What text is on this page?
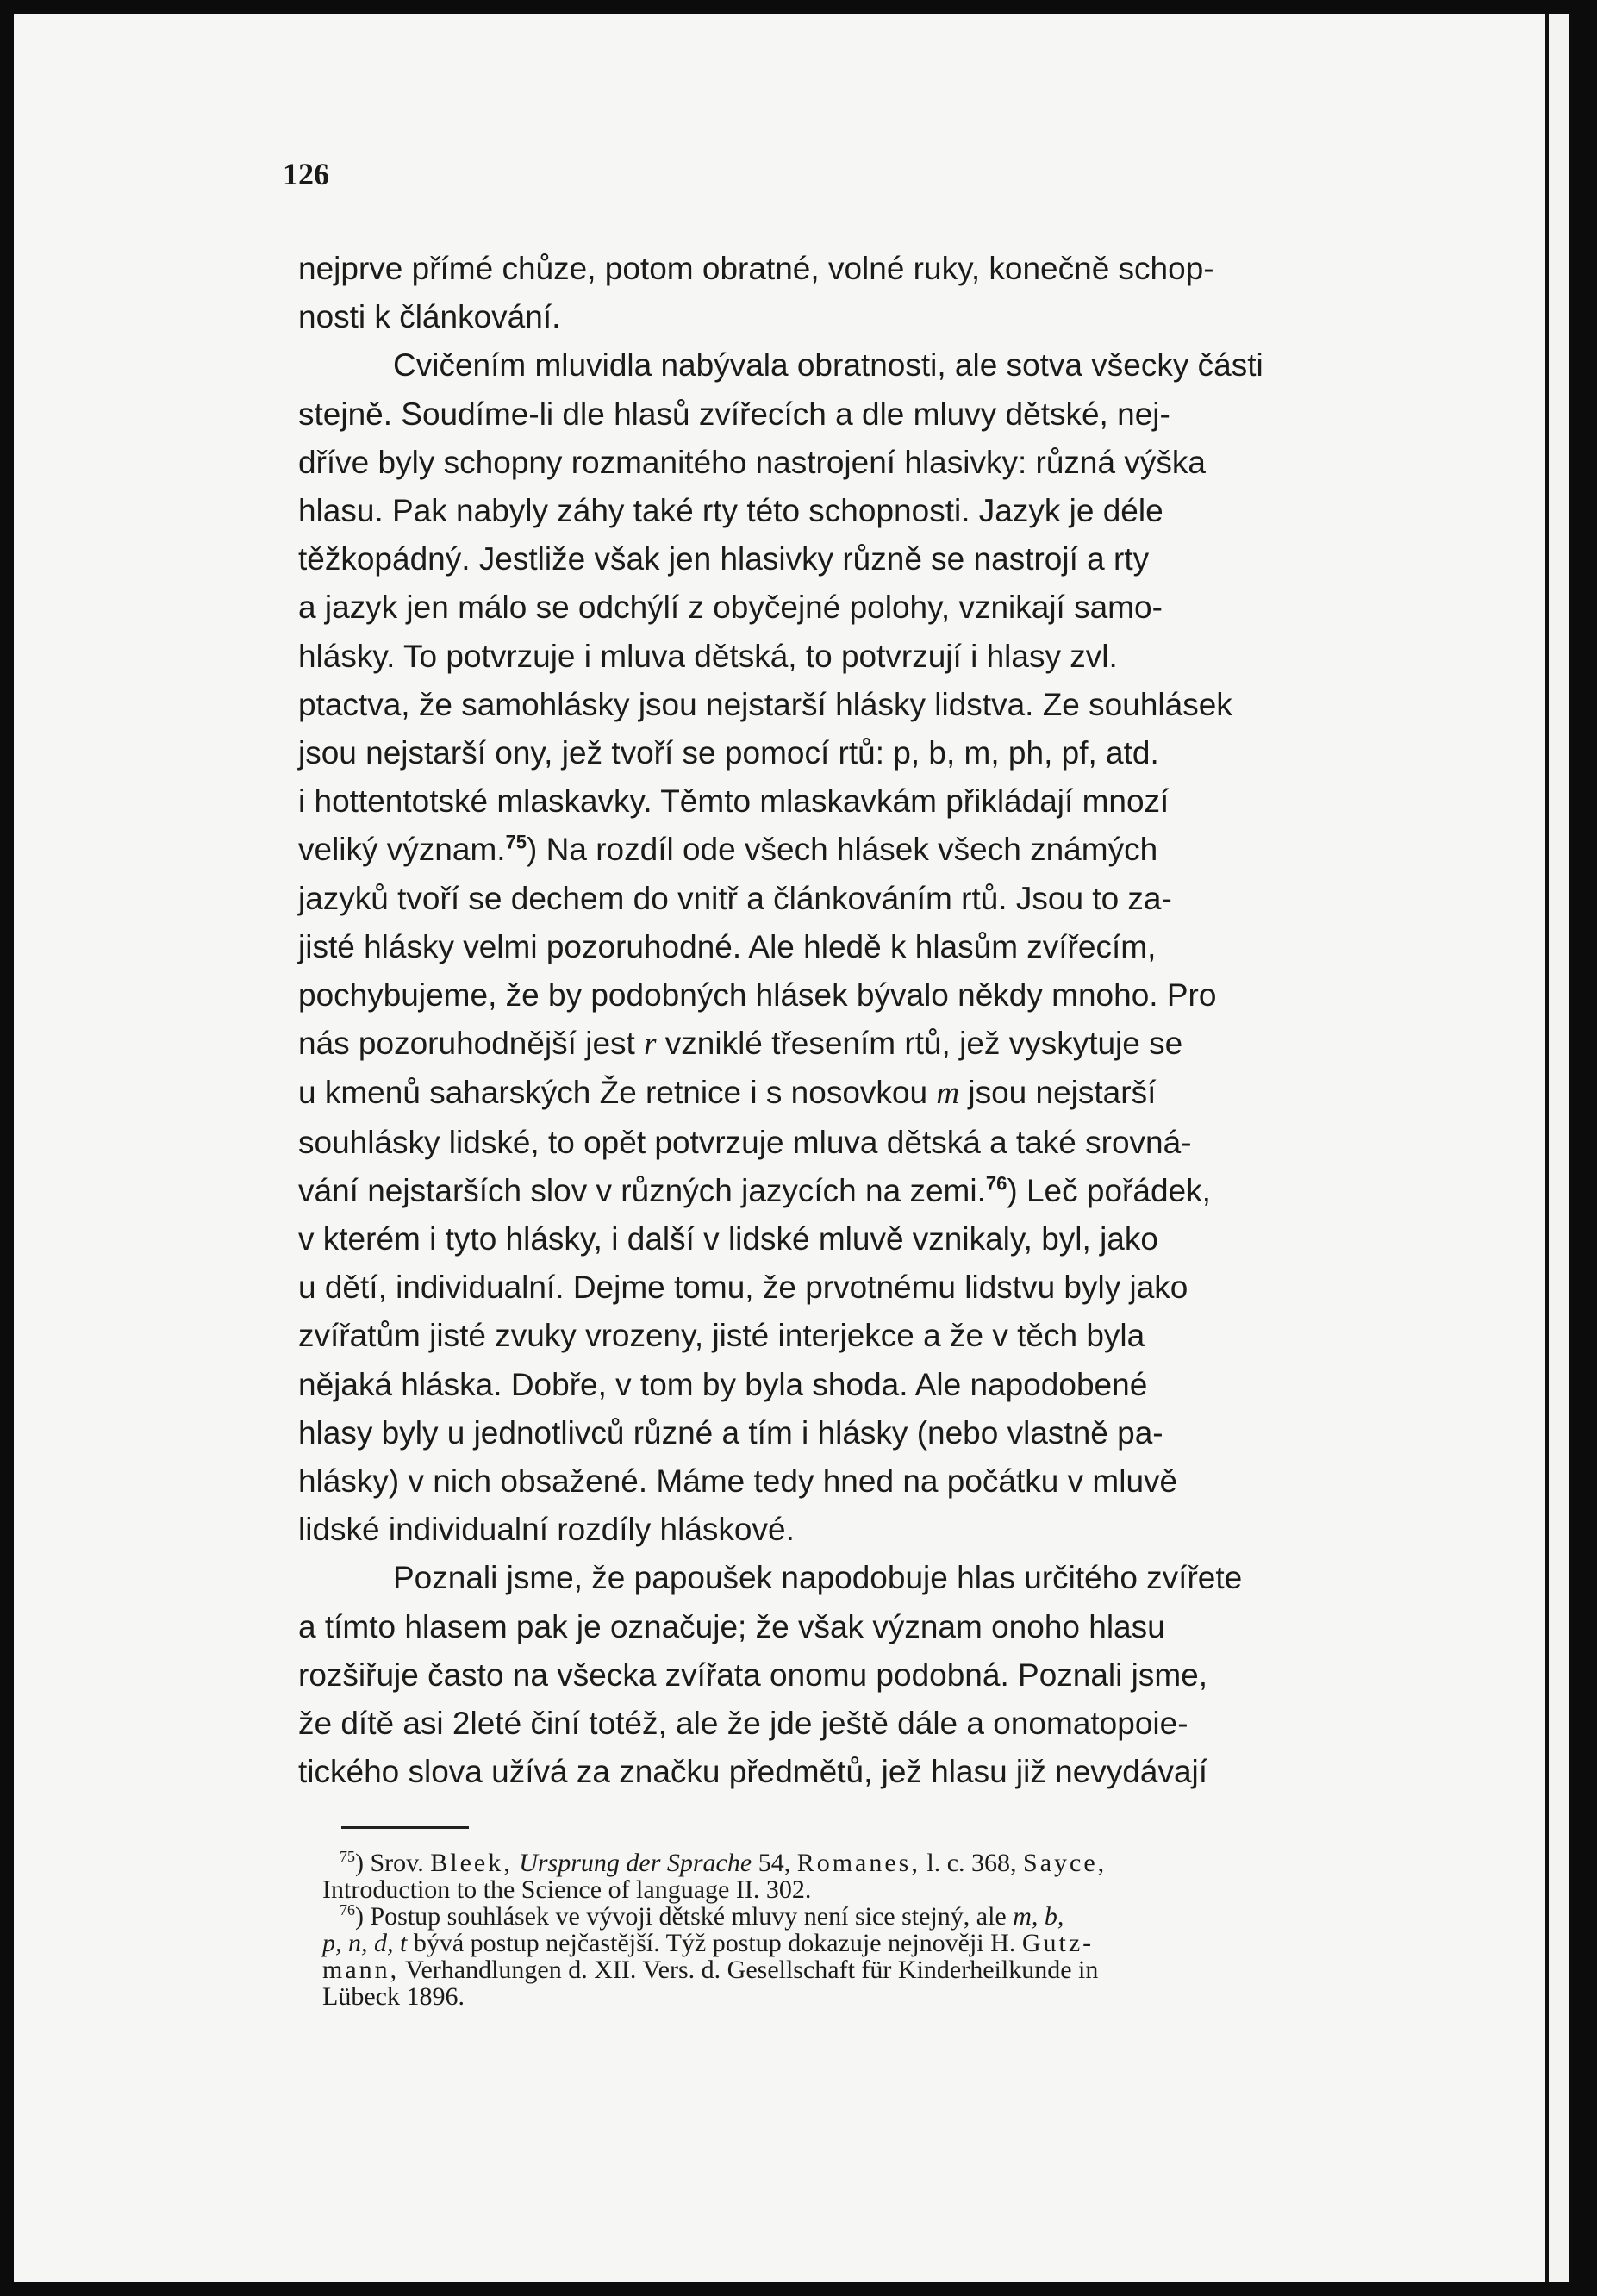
126

nejprve přímé chůze, potom obratné, volné ruky, konečně schop-
nosti k článkování.

Cvičením mluvidla nabývala obratnosti, ale sotva všecky části
stejně. Soudíme-li dle hlasů zvířecích a dle mluvy dětské, nej-
dříve byly schopny rozmanitého nastrojení hlasivky: různá výška
hlasu. Pak nabyly záhy také rty této schopnosti. Jazyk je déle
těžkopádný. Jestliže však jen hlasivky různě se nastrojí a rty
a jazyk jen málo se odchýlí z obyčejné polohy, vznikají samo-
hlásky. To potvrzuje i mluva dětská, to potvrzují i hlasy zvl.
ptactva, že samohlásky jsou nejstarší hlásky lidstva. Ze souhlásek
jsou nejstarší ony, jež tvoří se pomocí rtů: p, b, m, ph, pf, atd.
i hottentotské mlaskavky. Těmto mlaskavkám přikládají mnozí
veliký význam.$^{75}$) Na rozdíl ode všech hlásek všech známých
jazyků tvoří se dechem do vnitř a článkováním rtů. Jsou to za-
jisté hlásky velmi pozoruhodné. Ale hledě k hlasům zvířecím,
pochybujeme, že by podobných hlásek bývalo někdy mnoho. Pro
nás pozoruhodnější jest r vzniklé třesením rtů, jež vyskytuje se
u kmenů saharských Že retnice i s nosovkou m jsou nejstarší
souhlásky lidské, to opět potvrzuje mluva dětská a také srovná-
vání nejstarších slov v různých jazycích na zemi.$^{76}$) Leč pořádek,
v kterém i tyto hlásky, i další v lidské mluvě vznikaly, byl, jako
u dětí, individualní. Dejme tomu, že prvotnému lidstvu byly jako
zvířatům jisté zvuky vrozeny, jisté interjekce a že v těch byla
nějaká hláska. Dobře, v tom by byla shoda. Ale napodobené
hlasy byly u jednotlivců různé a tím i hlásky (nebo vlastně pa-
hlásky) v nich obsažené. Máme tedy hned na počátku v mluvě
lidské individualní rozdíly hláskové.

Poznali jsme, že papoušek napodobuje hlas určitého zvířete
a tímto hlasem pak je označuje; že však význam onoho hlasu
rozšiřuje často na všecka zvířata onomu podobná. Poznali jsme,
že dítě asi 2leté činí totéž, ale že jde ještě dále a onomatopoie-
tického slova užívá za značku předmětů, jež hlasu již nevydávají

$^{75}$) Srov. Bleek, Ursprung der Sprache 54, Romanes, l. c. 368, Sayce,
Introduction to the Science of language II. 302.

$^{76}$) Postup souhlásek ve vývoji dětské mluvy není sice stejný, ale m, b,
p, n, d, t bývá postup nejčastější. Týž postup dokazuje nejnověji H. Gutz-
mann, Verhandlungen d. XII. Vers. d. Gesellschaft für Kinderheilkunde in
Lübeck 1896.
